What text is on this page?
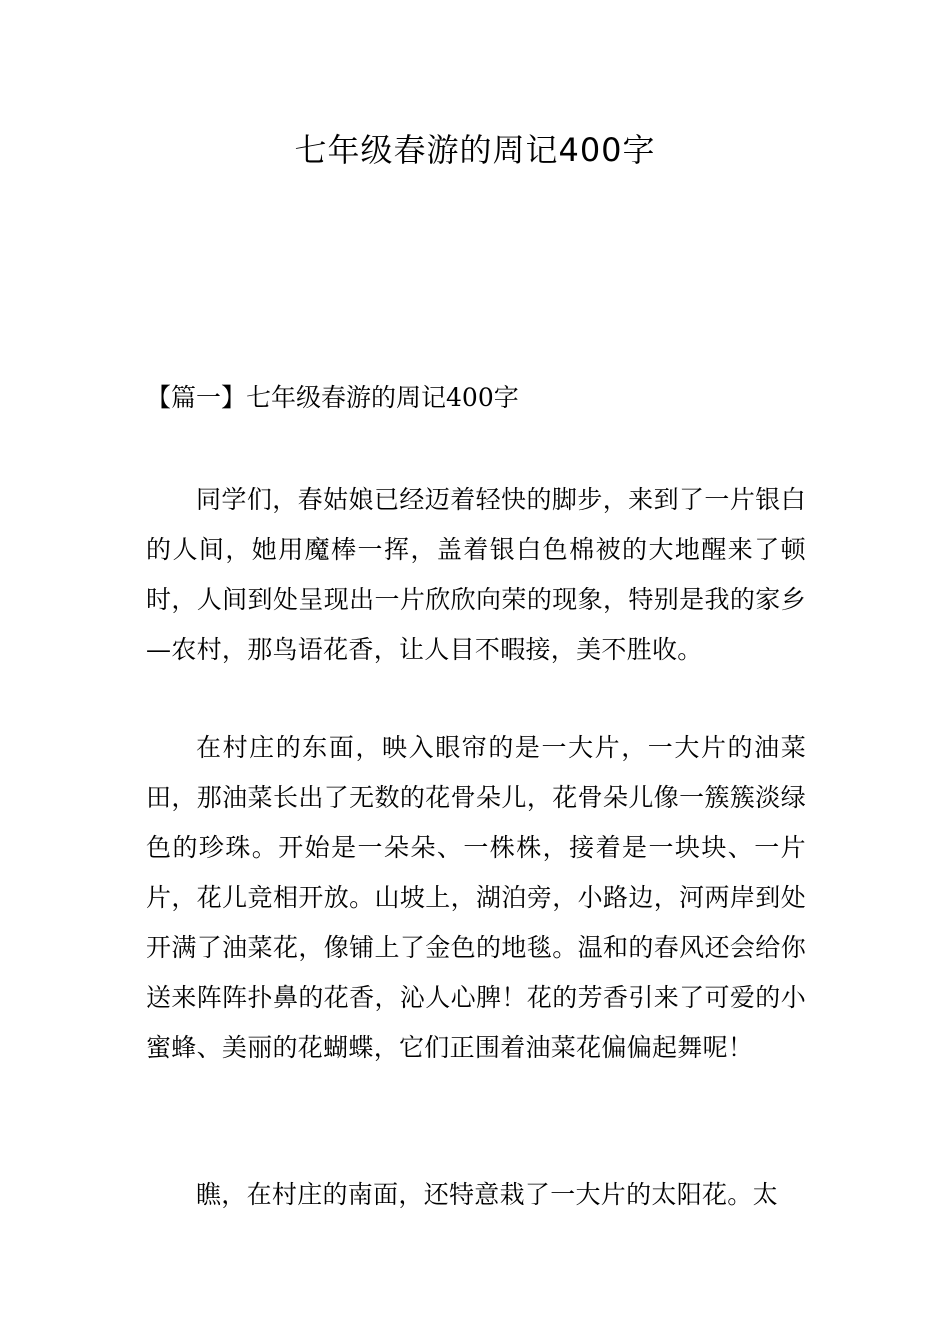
七年级春游的周记400字
【篇一】七年级春游的周记400字

同学们，春姑娘已经迈着轻快的脚步，来到了一片银白的人间，她用魔棒一挥，盖着银白色棉被的大地醒来了顿时，人间到处呈现出一片欣欣向荣的现象，特别是我的家乡—农村，那鸟语花香，让人目不暇接，美不胜收。

在村庄的东面，映入眼帘的是一大片，一大片的油菜田，那油菜长出了无数的花骨朵儿，花骨朵儿像一簇簇淡绿色的珍珠。开始是一朵朵、一株株，接着是一块块、一片片，花儿竞相开放。山坡上，湖泊旁，小路边，河两岸到处开满了油菜花，像铺上了金色的地毯。温和的春风还会给你送来阵阵扑鼻的花香，沁人心脾！花的芳香引来了可爱的小蜜蜂、美丽的花蝴蝶，它们正围着油菜花偏偏起舞呢！

瞧，在村庄的南面，还特意栽了一大片的太阳花。太
